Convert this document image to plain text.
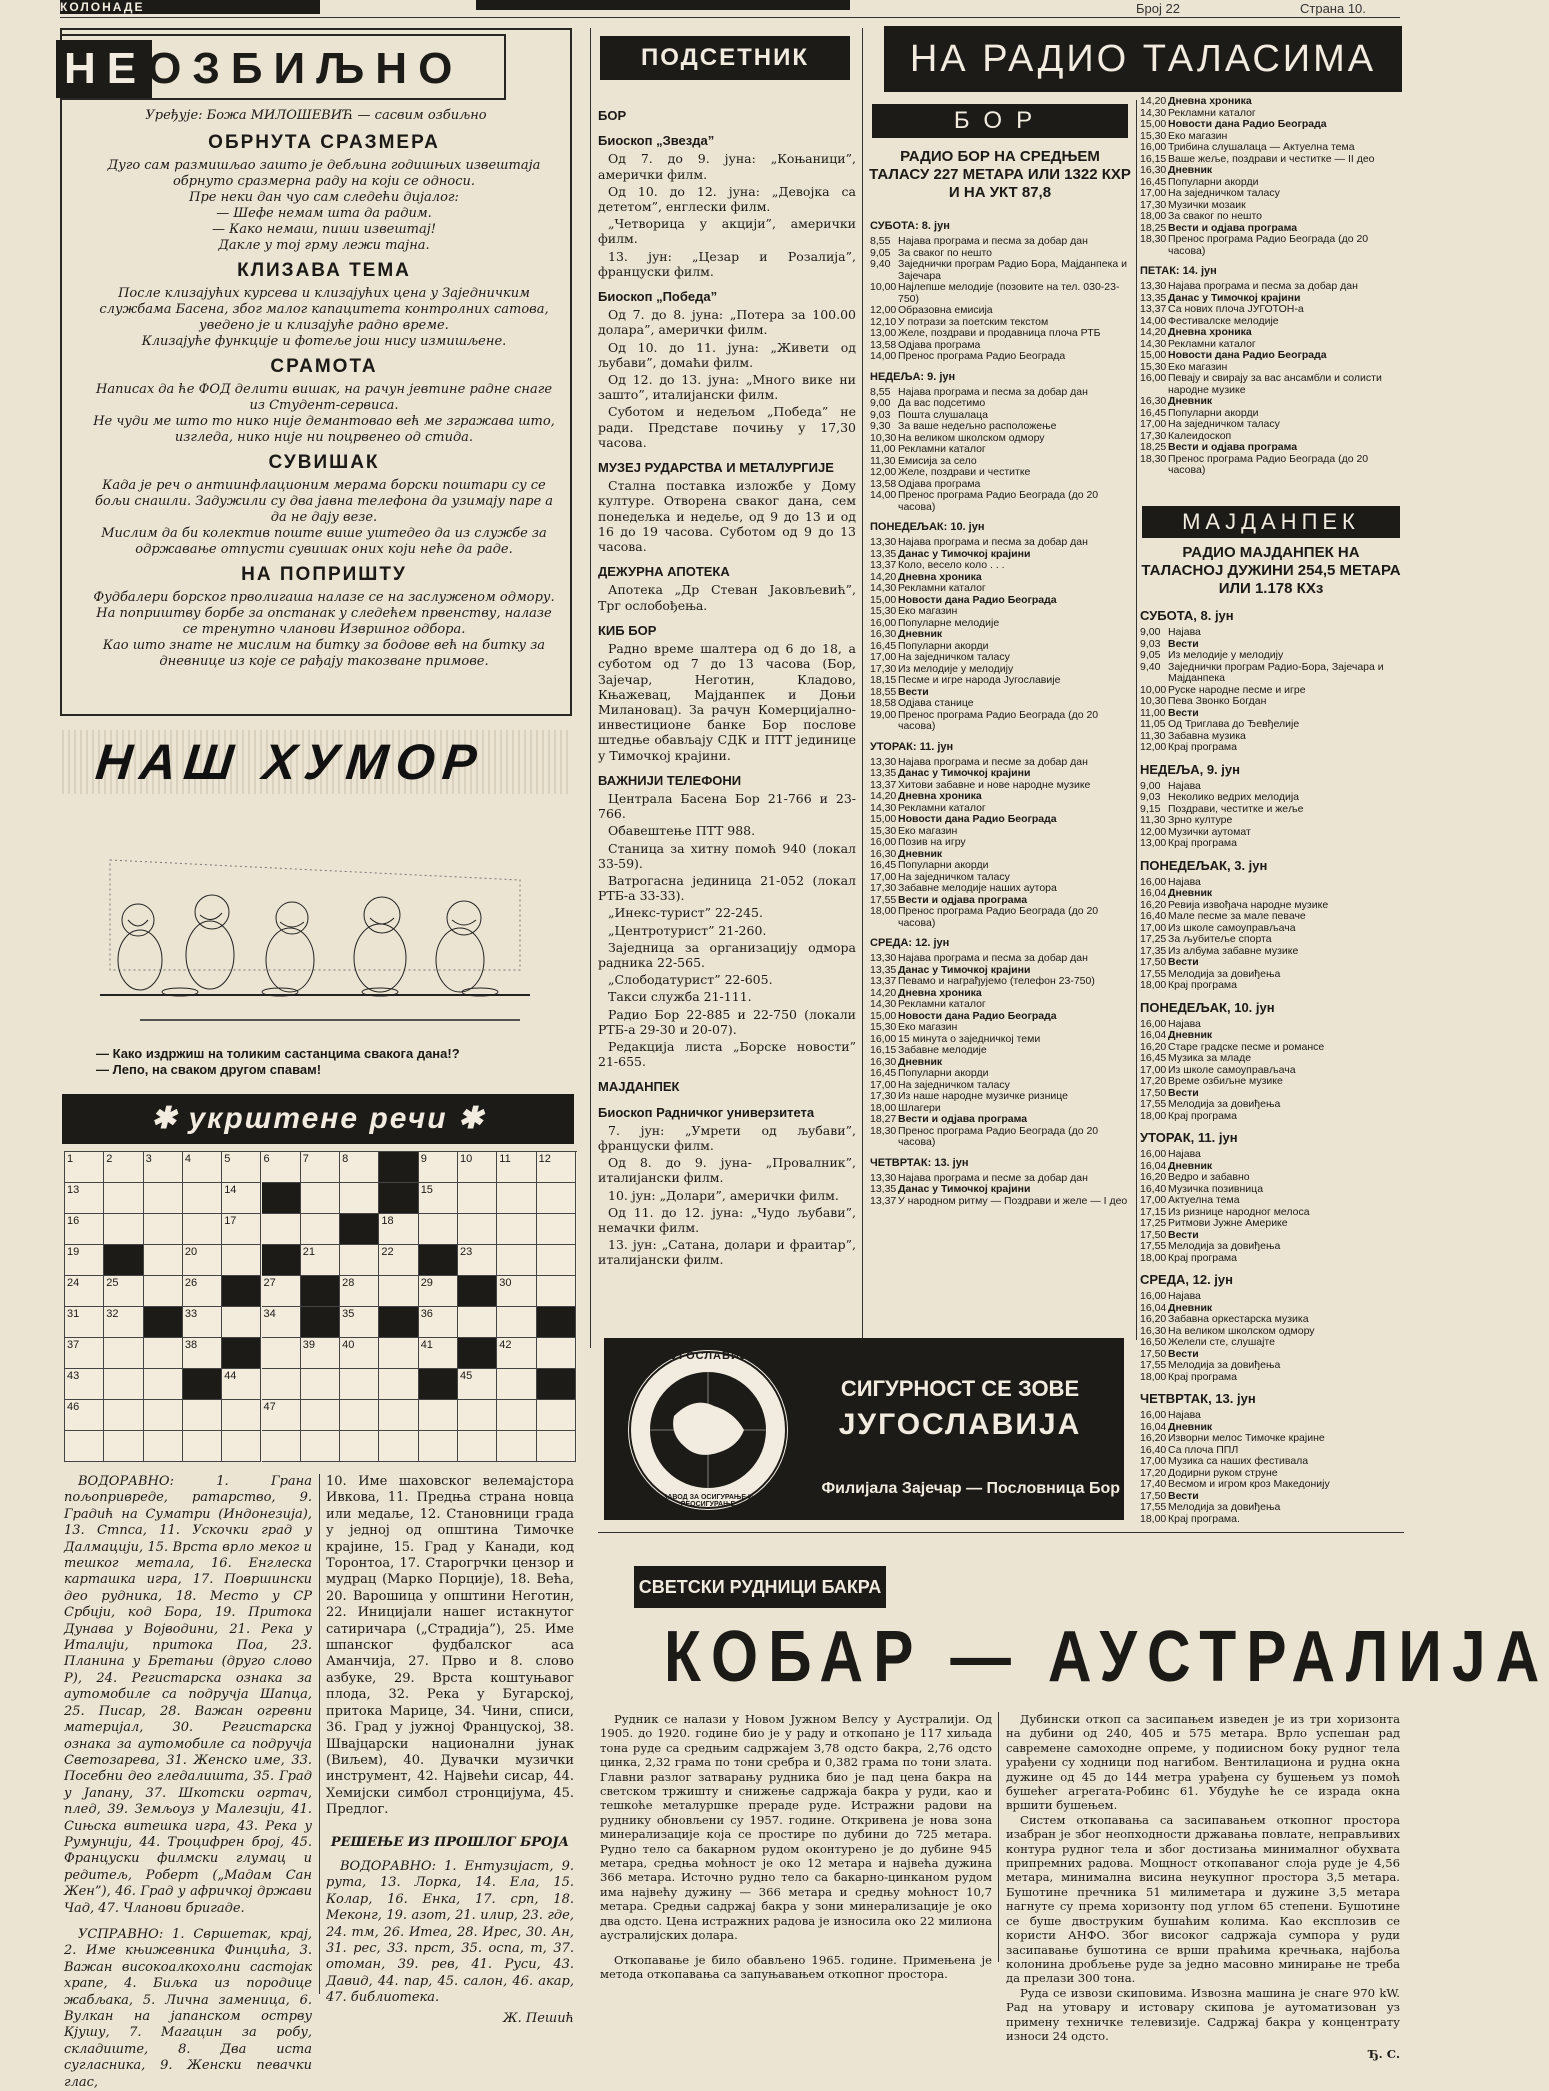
КОЛОНАДЕ	Број 22	Страна 10.
НЕОЗБИЉНО
Уређује: Божа МИЛОШЕВИЋ — сасвим озбиљно
ОБРНУТА СРАЗМЕРА

Дуго сам размишљао зашто је дебљина годишњих извештаја обрнуто сразмерна раду на који се односи.

Пре неки дан чуо сам следећи дијалог:

— Шефе немам шта да радим.

— Како немаш, пиши извештај!

Дакле у тој грму лежи тајна.

КЛИЗАВА ТЕМА

После клизајућих курсева и клизајућих цена у Заједничким службама Басена, због малог капацитета контролних сатова, уведено је и клизајуће радно време.

Клизајуће функције и фотеље још нису измишљене.

СРАМОТА

Написах да ће ФОД делити вишак, на рачун јевтине радне снаге из Студент-сервиса.

Не чуди ме што то нико није демантовао већ ме згражава што, изгледа, нико није ни поцрвенео од стида.

СУВИШАК

Када је реч о антиинфлационим мерама борски поштари су се бољи снашли. Задужили су два јавна телефона да узимају паре а да не дају везе.

Мислим да би колектив поште више уштедео да из службе за одржавање отпусти сувишак оних који неће да раде.

НА ПОПРИШТУ

Фудбалери борског прволигаша налазе се на заслуженом одмору. На поприштву борбе за опстанак у следећем првенству, налазе се тренутно чланови Извршног одбора.

Као што знате не мислим на битку за бодове већ на битку за дневнице из које се рађају такозване примове.

НАШ ХУМОР
— Како издржиш на толиким састанцима свакога дана!?
— Лепо, на сваком другом спавам!
✱ укрштене речи ✱
1	2	3	4	5	6	7	8	9	10 11	12
13	14	15
16	17	18
19	20	21	22	23
24 25	26	27	28	29	30
31 32	33	34	35	36
37	38	39 40	41	42
43	44	45
46	47

ВОДОРАВНО: 1. Грана пољопривреде, ратарство, 9. Градић на Суматри (Индонезија), 13. Стпса, 11. Ускочки град у Далмацији, 15. Врста врло меког и тешког метала, 16. Енглеска карташка игра, 17. Површински део рудника, 18. Место у СР Србији, код Бора, 19. Притока Дунава у Војводини, 21. Река у Италији, притока Поа, 23. Планина у Бретањи (друго слово Р), 24. Регистарска ознака за аутомобиле са подручја Шапца, 25. Писар, 28. Важан огревни материјал, 30. Регистарска ознака за аутомобиле са подручја Светозарева, 31. Женско име, 33. Посебни део гледалишта, 35. Град у Јапану, 37. Шкотски огртач, плед, 39. Земљоуз у Малезији, 41. Сињска витешка игра, 43. Река у Румунији, 44. Троцифрен број, 45. Француски филмски глумац и редитељ, Роберт („Мадам Сан Жен”), 46. Град у афричкој држави Чад, 47. Чланови бригаде.

УСПРАВНО: 1. Свршетак, крај, 2. Име књижевника Финцића, 3. Важан високоалкохолни састојак храпе, 4. Биљка из породице жабљака, 5. Лична заменица, 6. Вулкан на јапанском острву Кјушу, 7. Магацин за робу, складиште, 8. Два иста сугласника, 9. Женски певачки глас,

10. Име шаховског велемајстора Ивкова, 11. Предња страна новца или медаље, 12. Становници града у једној од општина Тимочке крајине, 15. Град у Канади, код Торонтоа, 17. Старогрчки цензор и мудрац (Марко Порције), 18. Већа, 20. Варошица у општини Неготин, 22. Иницијали нашег истакнутог сатиричара („Страдија”), 25. Име шпанског фудбалског аса Аманчија, 27. Прво и 8. слово азбуке, 29. Врста коштуњавог плода, 32. Река у Бугарској, притока Марице, 34. Чини, списи, 36. Град у јужној Француској, 38. Швајцарски национални јунак (Виљем), 40. Дувачки музички инструмент, 42. Највећи сисар, 44. Хемијски симбол стронцијума, 45. Предлог.

РЕШЕЊЕ ИЗ ПРОШЛОГ БРОЈА

ВОДОРАВНО: 1. Ентузијаст, 9. рута, 13. Лорка, 14. Ела, 15. Колар, 16. Енка, 17. срп, 18. Меконг, 19. азот, 21. илир, 23. где, 24. тм, 26. Итеа, 28. Ирес, 30. Ан, 31. рес, 33. прст, 35. оспа, т, 37. отоман, 39. рев, 41. Руси, 43. Давид, 44. пар, 45. салон, 46. акар, 47. библиотека.

Ж. Пешић

ПОДСЕТНИК
БОР
Биоскоп „Звезда”

Од 7. до 9. јуна: „Коњаници”, амерички филм.

Од 10. до 12. јуна: „Девојка са дететом”, енглески филм.

„Четворица у акцији”, амерички филм.

13. јун: „Цезар и Розалија”, француски филм.

Биоскоп „Победа”

Од 7. до 8. јуна: „Потера за 100.00 долара”, амерички филм.

Од 10. до 11. јуна: „Живети од љубави”, домаћи филм.

Од 12. до 13. јуна: „Много вике ни зашто”, италијански филм.

Суботом и недељом „Победа” не ради. Представе почињу у 17,30 часова.

МУЗЕЈ РУДАРСТВА И МЕТАЛУРГИЈЕ

Стална поставка изложбе у Дому културе. Отворена сваког дана, сем понедељка и недеље, од 9 до 13 и од 16 до 19 часова. Суботом од 9 до 13 часова.

ДЕЖУРНА АПОТЕКА

Апотека „Др Стеван Јаковљевић”, Трг ослобођења.

КИБ БОР

Радно време шалтера од 6 до 18, а суботом од 7 до 13 часова (Бор, Зајечар, Неготин, Кладово, Књажевац, Мајданпек и Доњи Милановац). За рачун Комерцијално-инвестиционе банке Бор послове штедње обављају СДК и ПТТ јединице у Тимочкој крајини.

ВАЖНИЈИ ТЕЛЕФОНИ

Централа Басена Бор 21-766 и 23-766.

Обавештење ПТТ 988.

Станица за хитну помоћ 940 (локал 33-59).

Ватрогасна јединица 21-052 (локал РТБ-а 33-33).

„Инекс-турист” 22-245.

„Центротурист” 21-260.

Заједница за организацију одмора радника 22-565.

„Слободатурист” 22-605.

Такси служба 21-111.

Радио Бор 22-885 и 22-750 (локали РТБ-а 29-30 и 20-07).

Редакција листа „Борске новости” 21-655.

МАЈДАНПЕК
Биоскоп Радничког универзитета

7. јун: „Умрети од љубави”, француски филм.

Од 8. до 9. јуна- „Провалник”, италијански филм.

10. јун: „Долари”, амерички филм.

Од 11. до 12. јуна: „Чудо љубави”, немачки филм.

13. јун: „Сатана, долари и фраитар”, италијански филм.

НА РАДИО ТАЛАСИМА
БОР
РАДИО БОР НА СРЕДЊЕМ ТАЛАСУ 227 МЕТАРА ИЛИ 1322 КХР И НА УКТ 87,8
СУБОТА: 8. јун
8,55 Најава програма и песма за добар дан
9,05 За сваког по нешто
9,40 Заједнички програм Радио Бора, Мајданпека и Зајечара
10,00 Најлепше мелодије (позовите на тел. 030-23-750)
12,00 Образовна емисија
12,10 У потрази за поетским текстом
13,00 Желе, поздрави и продавница плоча РТБ
13,58 Одјава програма
14,00 Пренос програма Радио Београда
НЕДЕЉА: 9. јун
8,55 Најава програма и песма за добар дан
9,00 Да вас подсетимо
9,03 Пошта слушалаца
9,30 За ваше недељно расположење
10,30 На великом школском одмору
11,00 Рекламни каталог
11,30 Емисија за село
12,00 Желе, поздрави и честитке
13,58 Одјава програма
14,00 Пренос програма Радио Београда (до 20 часова)
ПОНЕДЕЉАК: 10. јун
13,30 Најава програма и песма за добар дан
13,35 Данас у Тимочкој крајини
13,37 Коло, весело коло . . .
14,20 Дневна хроника
14,30 Рекламни каталог
15,00 Новости дана Радио Београда
15,30 Еко магазин
16,00 Популарне мелодије
16,30 Дневник
16,45 Популарни акорди
17,00 На заједничком таласу
17,30 Из мелодије у мелодију
18,15 Песме и игре народа Југославије
18,55 Вести
18,58 Одјава станице
19,00 Пренос програма Радио Београда (до 20 часова)
УТОРАК: 11. јун
13,30 Најава програма и песме за добар дан
13,35 Данас у Тимочкој крајини
13,37 Хитови забавне и нове народне музике
14,20 Дневна хроника
14,30 Рекламни каталог
15,00 Новости дана Радио Београда
15,30 Еко магазин
16,00 Позив на игру
16,30 Дневник
16,45 Популарни акорди
17,00 На заједничком таласу
17,30 Забавне мелодије наших аутора
17,55 Вести и одјава програма
18,00 Пренос програма Радио Београда (до 20 часова)
СРЕДА: 12. јун
13,30 Најава програма и песма за добар дан
13,35 Данас у Тимочкој крајини
13,37 Певамо и награђујемо (телефон 23-750)
14,20 Дневна хроника
14,30 Рекламни каталог
15,00 Новости дана Радио Београда
15,30 Еко магазин
16,00 15 минута о заједничкој теми
16,15 Забавне мелодије
16,30 Дневник
16,45 Популарни акорди
17,00 На заједничком таласу
17,30 Из наше народне музичке ризнице
18,00 Шлагери
18,27 Вести и одјава програма
18,30 Пренос програма Радио Београда (до 20 часова)
ЧЕТВРТАК: 13. јун
13,30 Најава програма и песме за добар дан
13,35 Данас у Тимочкој крајини
13,37 У народном ритму — Поздрави и желе — I део
14,20 Дневна хроника
14,30 Рекламни каталог
15,00 Новости дана Радио Београда
15,30 Еко магазин
16,00 Трибина слушалаца — Актуелна тема
16,15 Ваше жеље, поздрави и честитке — II део
16,30 Дневник
16,45 Популарни акорди
17,00 На заједничком таласу
17,30 Музички мозаик
18,00 За сваког по нешто
18,25 Вести и одјава програма
18,30 Пренос програма Радио Београда (до 20 часова)
ПЕТАК: 14. јун
13,30 Најава програма и песма за добар дан
13,35 Данас у Тимочкој крајини
13,37 Са нових плоча ЈУГОТОН-а
14,00 Фестивалске мелодије
14,20 Дневна хроника
14,30 Рекламни каталог
15,00 Новости дана Радио Београда
15,30 Еко магазин
16,00 Певају и свирају за вас ансамбли и солисти народне музике
16,30 Дневник
16,45 Популарни акорди
17,00 На заједничком таласу
17,30 Калеидоскоп
18,25 Вести и одјава програма
18,30 Пренос програма Радио Београда (до 20 часова)
МАЈДАНПЕК
РАДИО МАЈДАНПЕК НА ТАЛАСНОЈ ДУЖИНИ 254,5 МЕТАРА ИЛИ 1.178 КХз
СУБОТА, 8. јун
9,00 Најава
9,03 Вести
9,05 Из мелодије у мелодију
9,40 Заједнички програм Радио-Бора, Зајечара и Мајданпека
10,00 Руске народне песме и игре
10,30 Пева Звонко Богдан
11,00 Вести
11,05 Од Триглава до Ђевђелије
11,30 Забавна музика
12,00 Крај програма
НЕДЕЉА, 9. јун
9,00 Најава
9,03 Неколико ведрих мелодија
9,15 Поздрави, честитке и жеље
11,30 Зрно културе
12,00 Музички аутомат
13,00 Крај програма
ПОНЕДЕЉАК, 3. јун
16,00 Најава
16,04 Дневник
16,20 Ревија извођача народне музике
16,40 Мале песме за мале певаче
17,00 Из школе самоуправљача
17,25 За љубитеље спорта
17,35 Из албума забавне музике
17,50 Вести
17,55 Мелодија за довиђења
18,00 Крај програма
ПОНЕДЕЉАК, 10. јун
16,00 Најава
16,04 Дневник
16,20 Старе градске песме и романсе
16,45 Музика за младе
17,00 Из школе самоуправљача
17,20 Време озбиљне музике
17,50 Вести
17,55 Мелодија за довиђења
18,00 Крај програма
УТОРАК, 11. јун
16,00 Најава
16,04 Дневник
16,20 Ведро и забавно
16,40 Музичка позивница
17,00 Актуелна тема
17,15 Из ризнице народног мелоса
17,25 Ритмови Јужне Америке
17,50 Вести
17,55 Мелодија за довиђења
18,00 Крај програма
СРЕДА, 12. јун
16,00 Најава
16,04 Дневник
16,20 Забавна оркестарска музика
16,30 На великом школском одмору
16,50 Желели сте, слушајте
17,50 Вести
17,55 Мелодија за довиђења
18,00 Крај програма
ЧЕТВРТАК, 13. јун
16,00 Најава
16,04 Дневник
16,20 Изворни мелос Тимочке крајине
16,40 Са плоча ППЛ
17,00 Музика са наших фестивала
17,20 Додирни руком струне
17,40 Весмом и игром кроз Македонију
17,50 Вести
17,55 Мелодија за довиђења
18,00 Крај програма.
ЈУГОСЛАВИЈА
ЗАВОД ЗА ОСИГУРАЊЕ И РЕОСИГУРАЊЕ
СИГУРНОСТ СЕ ЗОВЕ
ЈУГОСЛАВИЈА
Филијала Зајечар — Пословница Бор
СВЕТСКИ РУДНИЦИ БАКРА
КОБАР — АУСТРАЛИЈА

Рудник се налази у Новом Јужном Велсу у Аустралији. Од 1905. до 1920. године био је у раду и откопано је 117 хиљада тона руде са средњим садржајем 3,78 одсто бакра, 2,76 одсто цинка, 2,32 грама по тони сребра и 0,382 грама по тони злата. Главни разлог затварању рудника био је пад цена бакра на светском тржишту и снижење садржаја бакра у руди, као и тешкоће металуршке прераде руде. Истражни радови на руднику обновљени су 1957. године. Откривена је нова зона минерализације која се простире по дубини до 725 метара. Рудно тело са бакарном рудом оконтурено је до дубине 945 метара, средња моћност је око 12 метара и највећа дужина 366 метара. Источно рудно тело са бакарно-цинканом рудом има највећу дужину — 366 метара и средњу моћност 10,7 метара. Средњи садржај бакра у зони минерализације је око два одсто. Цена истражних радова је износила око 22 милиона аустралијских долара.

Откопавање је било обављено 1965. године. Примењена је метода откопавања са запуњавањем откопног простора.

Дубински откоп са засипањем изведен је из три хоризонта на дубини од 240, 405 и 575 метара. Врло успешан рад савремене самоходне опреме, у подиисном боку рудног тела урађени су ходници под нагибом. Вентилациона и рудна окна дужине од 45 до 144 метра урађена су бушењем уз помоћ бушећег агрегата-Робинс 61. Убудуће ће се израда окна вршити бушењем.

Систем откопавања са засипавањем откопног простора изабран је због неопходности државања повлате, неправљивих контура рудног тела и због достизања минималног обухвата припремних радова. Мощност откопаваног слоја руде је 4,56 метара, минимална висина неукупног простора 3,5 метара. Бушотине пречника 51 милиметара и дужине 3,5 метара нагнуте су према хоризонту под углом 65 степени. Бушотине се буше двоструким бушаћим колима. Као експлозив се користи АНФО. Због високог садржаја сумпора у руди засипавање бушотина се врши праћима кречњака, најбоља колонина дробљење руде за једно масовно минирање не треба да прелази 300 тона.

Руда се извози скиповима. Извозна машина је снаге 970 kW. Рад на утовару и истовару скипова је аутоматизован уз примену техничке телевизије. Садржај бакра у концентрату износи 24 одсто.

Ђ. С.
